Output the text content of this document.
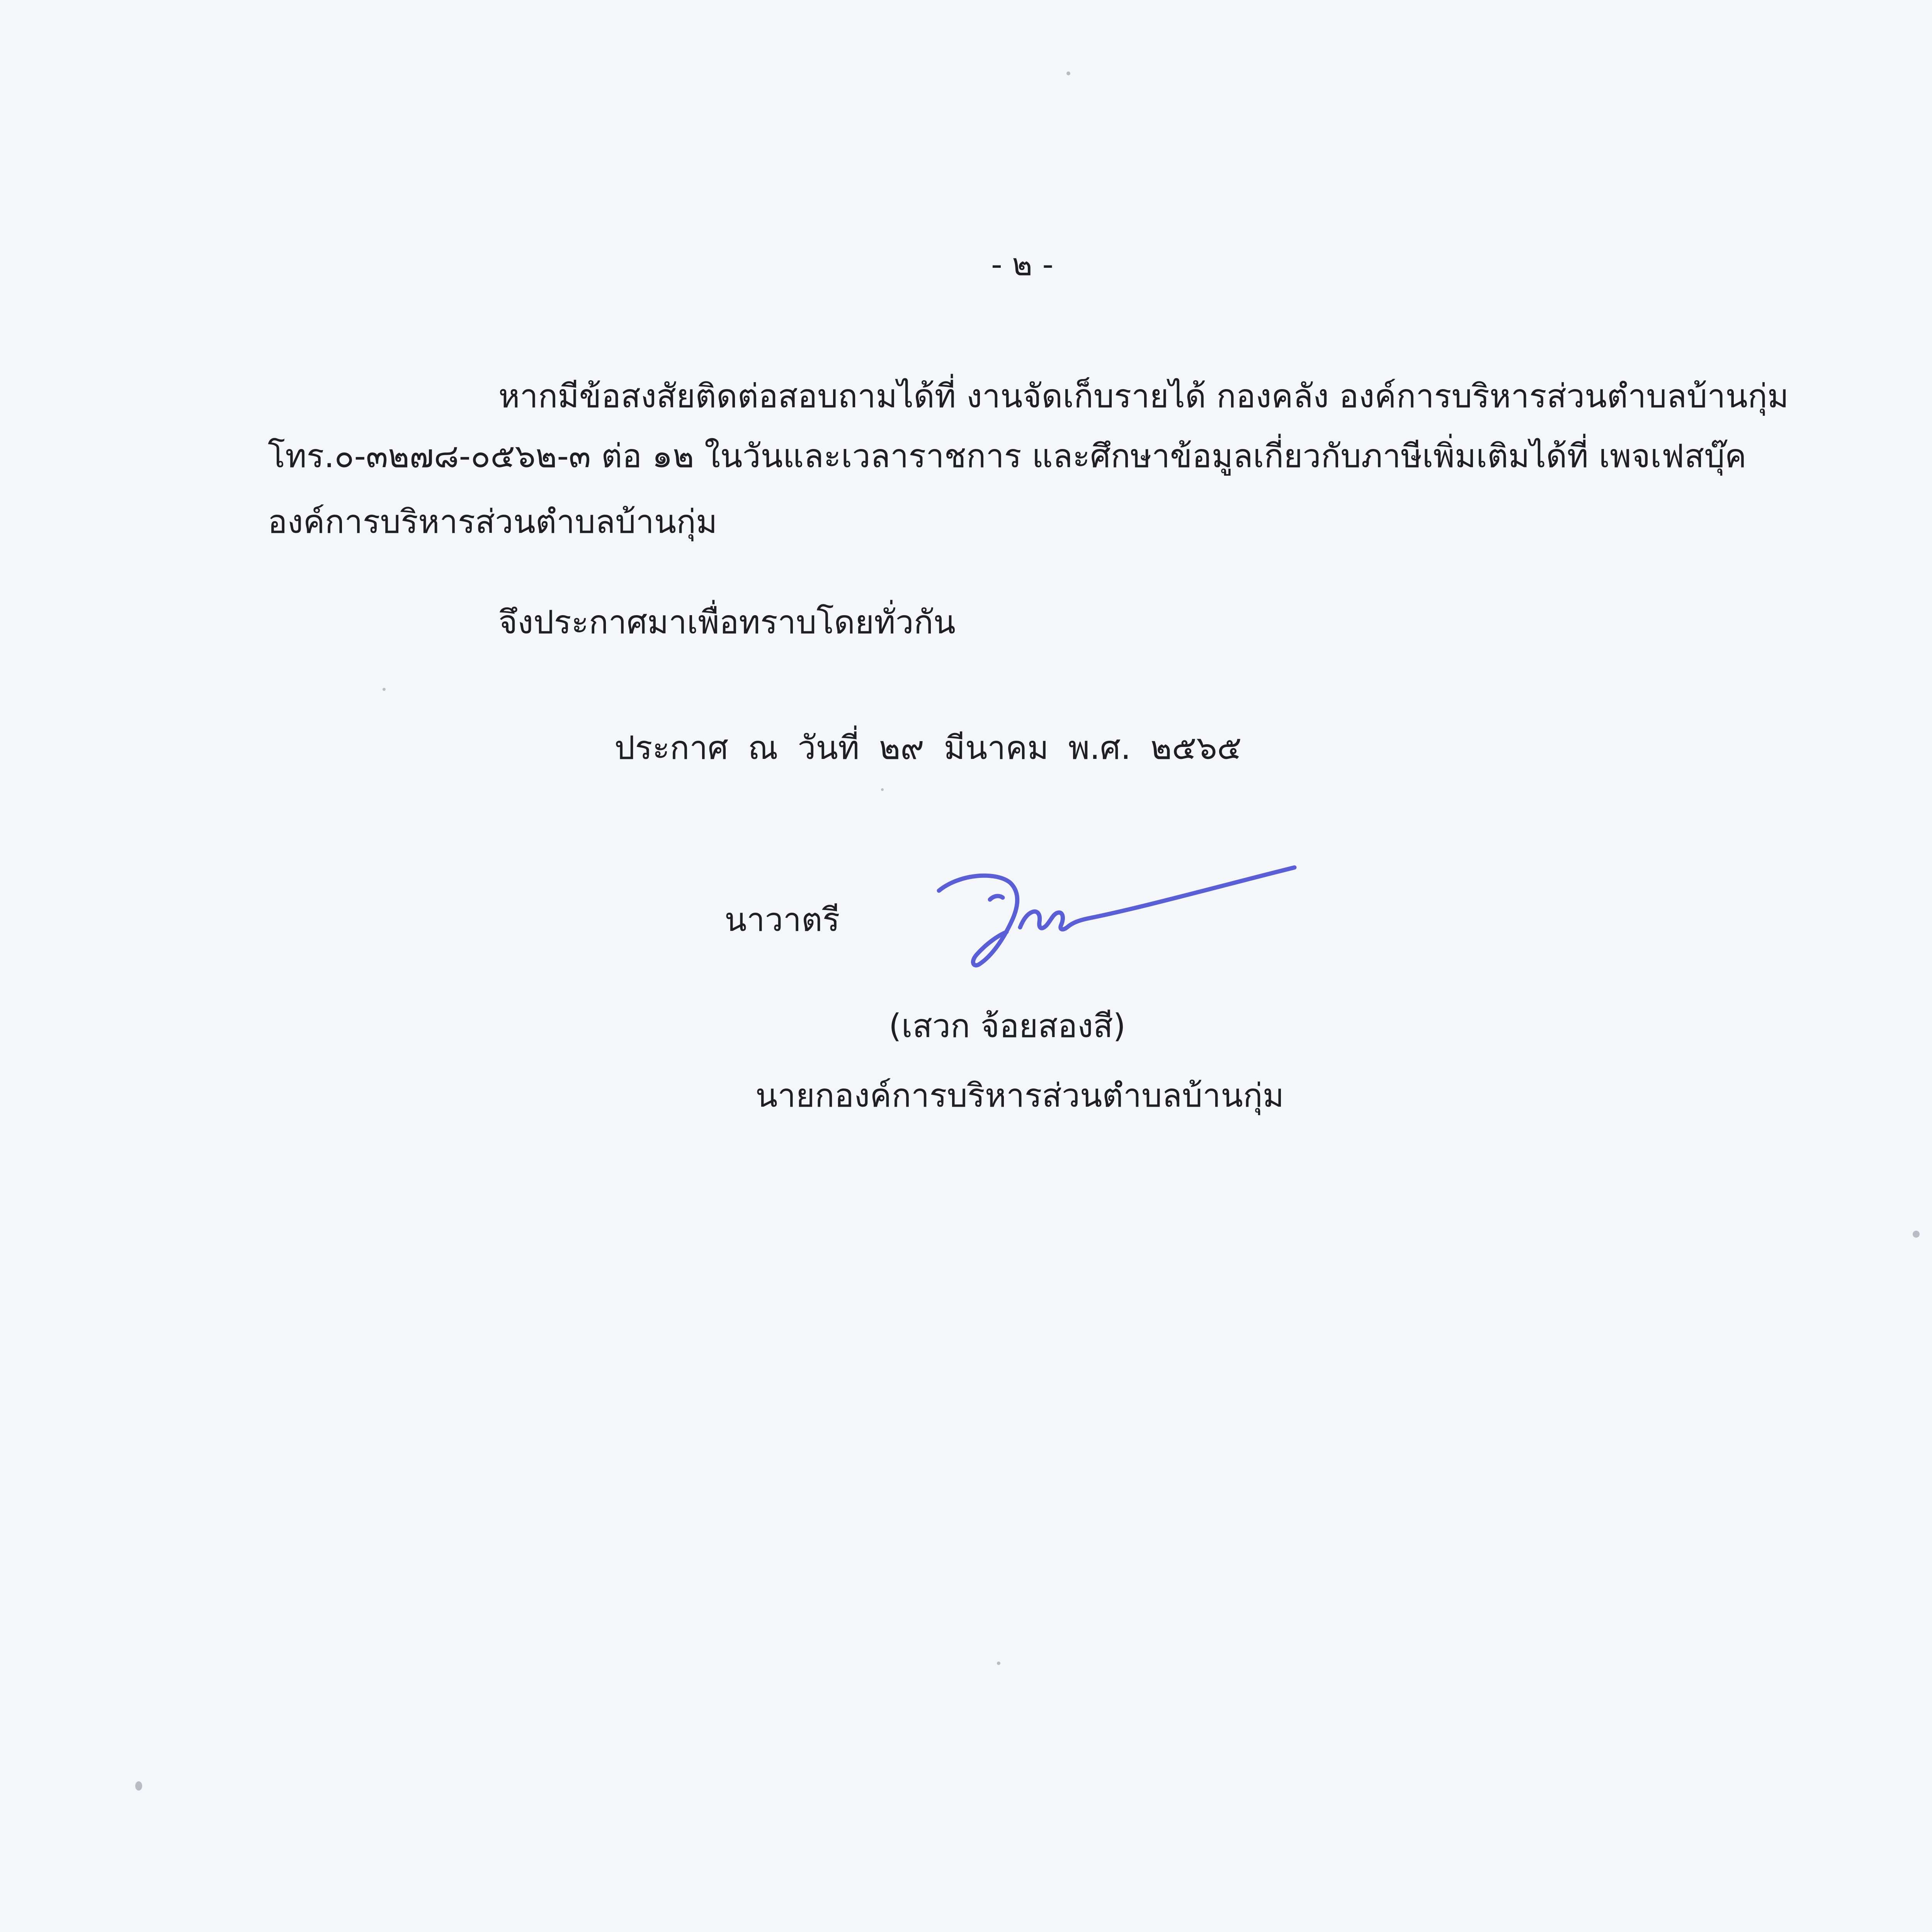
- ๒ -
หากมีข้อสงสัยติดต่อสอบถามได้ที่ งานจัดเก็บรายได้ กองคลัง องค์การบริหารส่วนตำบลบ้านกุ่ม
โทร.๐-๓๒๗๘-๐๕๖๒-๓ ต่อ ๑๒ ในวันและเวลาราชการ และศึกษาข้อมูลเกี่ยวกับภาษีเพิ่มเติมได้ที่ เพจเฟสบุ๊ค
องค์การบริหารส่วนตำบลบ้านกุ่ม
จึงประกาศมาเพื่อทราบโดยทั่วกัน
ประกาศ ณ วันที่ ๒๙ มีนาคม พ.ศ. ๒๕๖๕
นาวาตรี
(เสวก จ้อยสองสี)
นายกองค์การบริหารส่วนตำบลบ้านกุ่ม
